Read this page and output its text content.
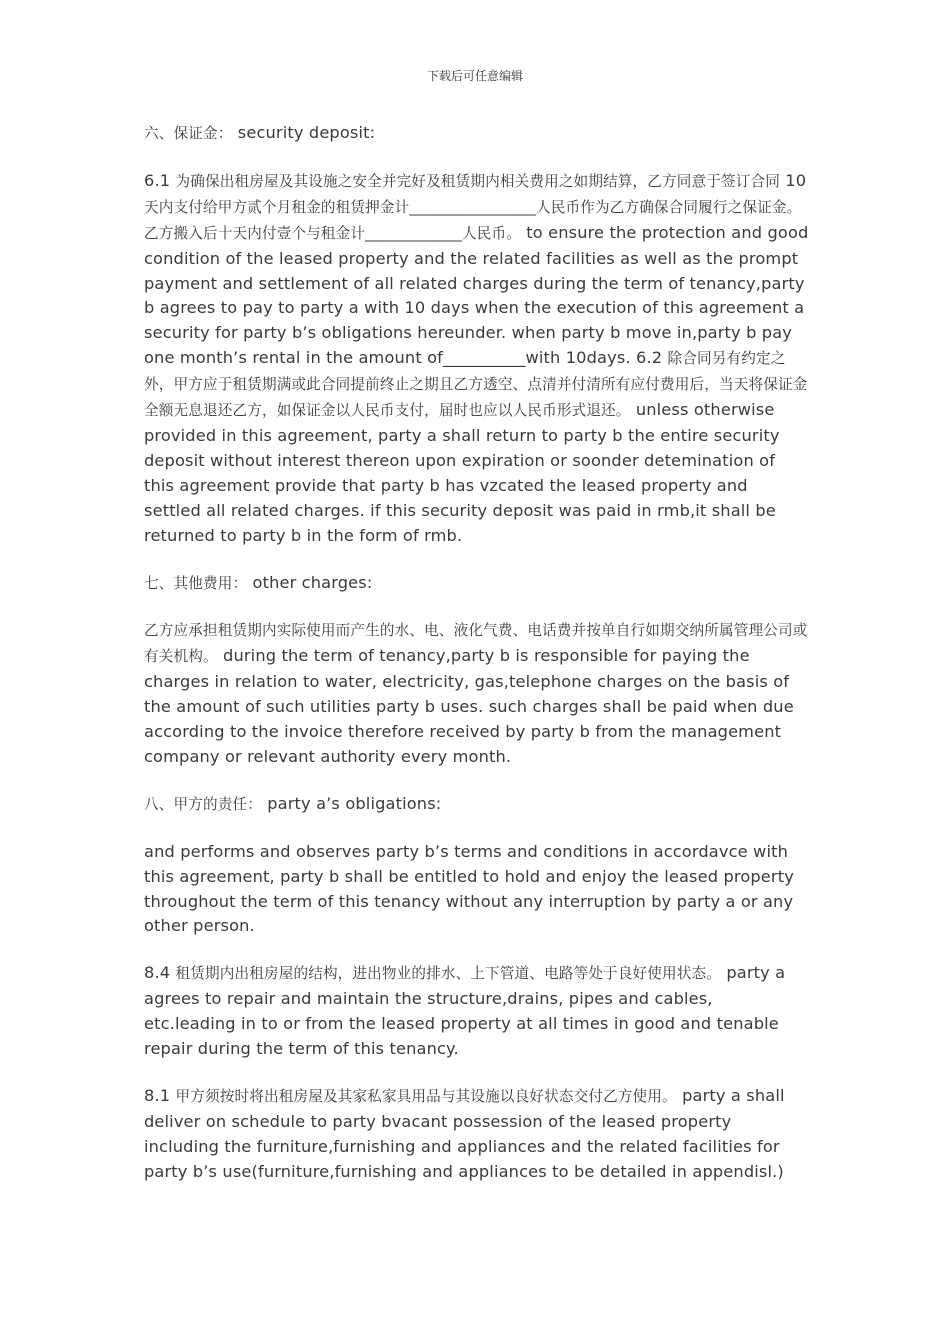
下载后可任意编辑

六、保证金： security deposit:

6.1 为确保出租房屋及其设施之安全并完好及租赁期内相关费用之如期结算，乙方同意于签订合同 10 天内支付给甲方贰个月租金的租赁押金计_________________人民币作为乙方确保合同履行之保证金。乙方搬入后十天内付壹个与租金计_____________人民币。 to ensure the protection and good condition of the leased property and the related facilities as well as the prompt payment and settlement of all related charges during the term of tenancy,party b agrees to pay to party a with 10 days when the execution of this agreement a security for party b’s obligations hereunder. when party b move in,party b pay one month’s rental in the amount of__________with 10days. 6.2 除合同另有约定之外，甲方应于租赁期满或此合同提前终止之期且乙方透空、点清并付清所有应付费用后，当天将保证金全额无息退还乙方，如保证金以人民币支付，届时也应以人民币形式退还。 unless otherwise provided in this agreement, party a shall return to party b the entire security deposit without interest thereon upon expiration or soonder detemination of this agreement provide that party b has vzcated the leased property and settled all related charges. if this security deposit was paid in rmb,it shall be returned to party b in the form of rmb.

七、其他费用： other charges:

乙方应承担租赁期内实际使用而产生的水、电、液化气费、电话费并按单自行如期交纳所属管理公司或有关机构。 during the term of tenancy,party b is responsible for paying the charges in relation to water, electricity, gas,telephone charges on the basis of the amount of such utilities party b uses. such charges shall be paid when due according to the invoice therefore received by party b from the management company or relevant authority every month.

八、甲方的责任： party a’s obligations:

and performs and observes party b’s terms and conditions in accordavce with this agreement, party b shall be entitled to hold and enjoy the leased property throughout the term of this tenancy without any interruption by party a or any other person.

8.4 租赁期内出租房屋的结构，进出物业的排水、上下管道、电路等处于良好使用状态。 party a agrees to repair and maintain the structure,drains, pipes and cables, etc.leading in to or from the leased property at all times in good and tenable repair during the term of this tenancy.

8.1 甲方须按时将出租房屋及其家私家具用品与其设施以良好状态交付乙方使用。 party a shall deliver on schedule to party bvacant possession of the leased property including the furniture,furnishing and appliances and the related facilities for party b’s use(furniture,furnishing and appliances to be detailed in appendisl.)
